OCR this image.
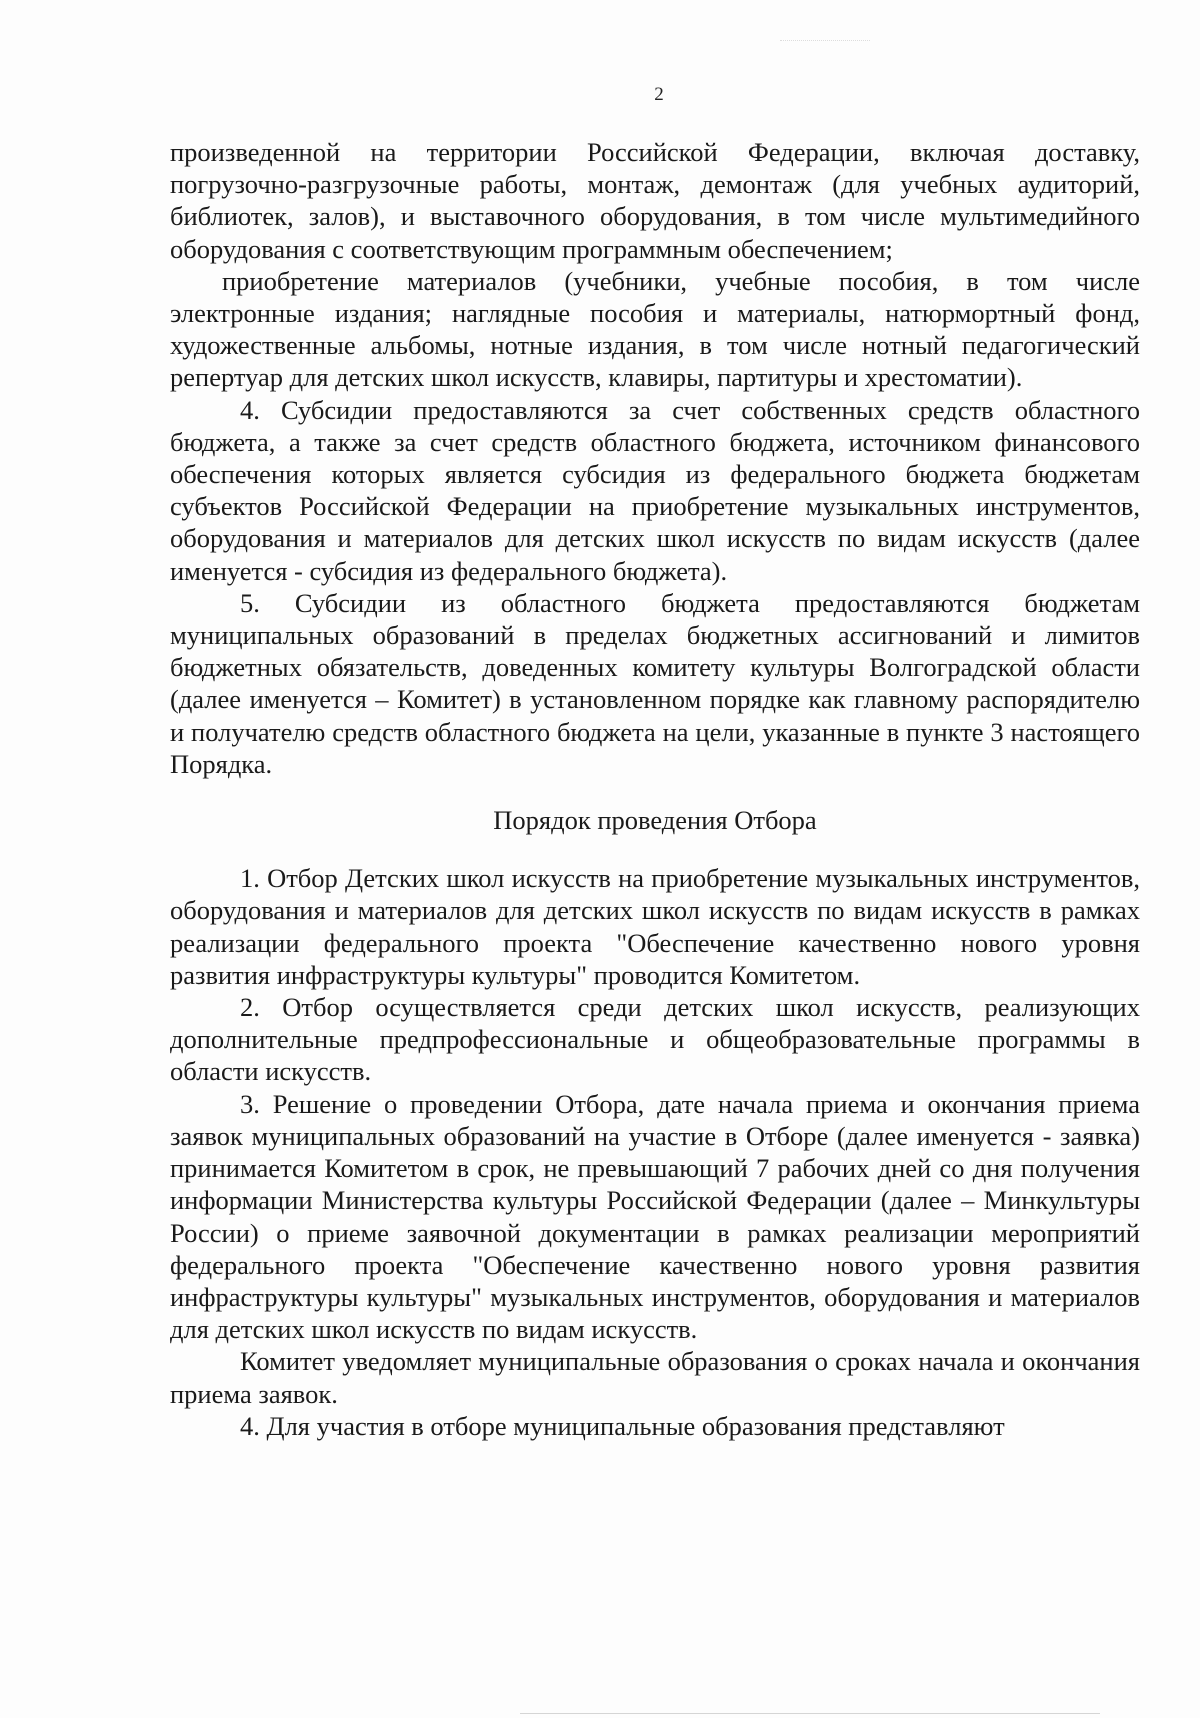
2

произведенной на территории Российской Федерации, включая доставку, погрузочно-разгрузочные работы, монтаж, демонтаж (для учебных аудиторий, библиотек, залов), и выставочного оборудования, в том числе мультимедийного оборудования с соответствующим программным обеспечением;

приобретение материалов (учебники, учебные пособия, в том числе электронные издания; наглядные пособия и материалы, натюрмортный фонд, художественные альбомы, нотные издания, в том числе нотный педагогический репертуар для детских школ искусств, клавиры, партитуры и хрестоматии).

4. Субсидии предоставляются за счет собственных средств областного бюджета, а также за счет средств областного бюджета, источником финансового обеспечения которых является субсидия из федерального бюджета бюджетам субъектов Российской Федерации на приобретение музыкальных инструментов, оборудования и материалов для детских школ искусств по видам искусств (далее именуется - субсидия из федерального бюджета).

5. Субсидии из областного бюджета предоставляются бюджетам муниципальных образований в пределах бюджетных ассигнований и лимитов бюджетных обязательств, доведенных комитету культуры Волгоградской области (далее именуется – Комитет) в установленном порядке как главному распорядителю и получателю средств областного бюджета на цели, указанные в пункте 3 настоящего Порядка.

Порядок проведения Отбора

1. Отбор Детских школ искусств на приобретение музыкальных инструментов, оборудования и материалов для детских школ искусств по видам искусств в рамках реализации федерального проекта "Обеспечение качественно нового уровня развития инфраструктуры культуры" проводится Комитетом.

2. Отбор осуществляется среди детских школ искусств, реализующих дополнительные предпрофессиональные и общеобразовательные программы в области искусств.

3. Решение о проведении Отбора, дате начала приема и окончания приема заявок муниципальных образований на участие в Отборе (далее именуется - заявка) принимается Комитетом в срок, не превышающий 7 рабочих дней со дня получения информации Министерства культуры Российской Федерации (далее – Минкультуры России) о приеме заявочной документации в рамках реализации мероприятий федерального проекта "Обеспечение качественно нового уровня развития инфраструктуры культуры" музыкальных инструментов, оборудования и материалов для детских школ искусств по видам искусств.

Комитет уведомляет муниципальные образования о сроках начала и окончания приема заявок.

4. Для участия в отборе муниципальные образования представляют
